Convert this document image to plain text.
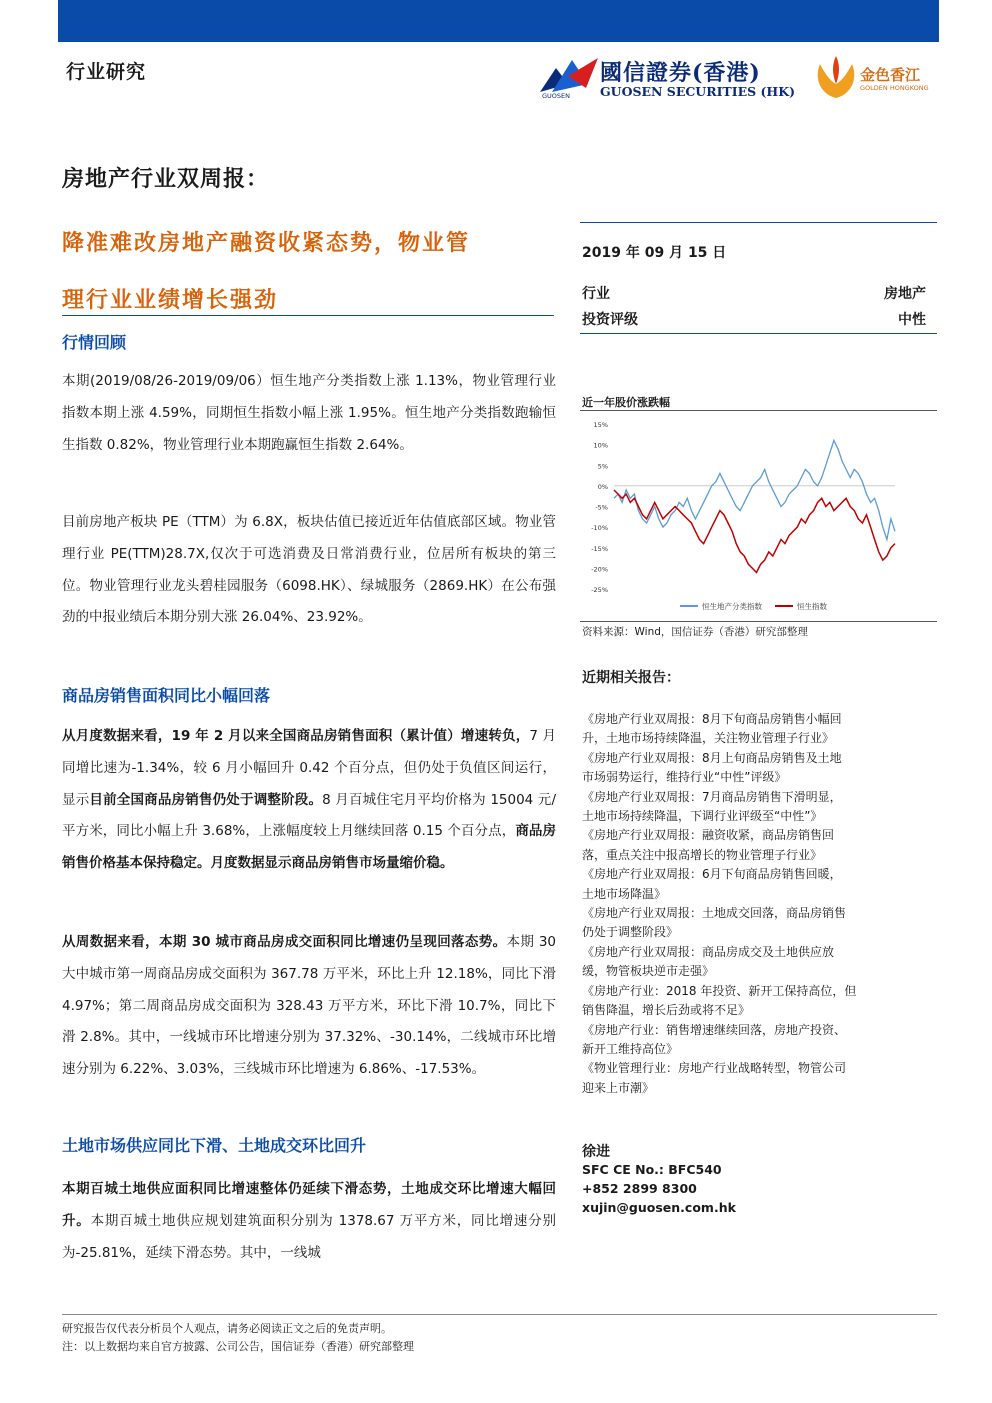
行业研究	國信證券(香港)
GUOSEN SECURITIES (HK)
GUOSEN
金色香江
GOLDEN HONGKONG
房地产行业双周报：
降准难改房地产融资收紧态势，物业管
理行业业绩增长强劲
2019 年 09 月 15 日
行业	房地产
投资评级	中性
近一年股价涨跌幅
15%
10%
5%
0%
-5%
-10%
-15%
-20%
-25%
恒生地产分类指数	恒生指数
资料来源：Wind，国信证券（香港）研究部整理
近期相关报告：
《房地产行业双周报：8月下旬商品房销售小幅回
升，土地市场持续降温，关注物业管理子行业》
《房地产行业双周报：8月上旬商品房销售及土地
市场弱势运行，维持行业“中性”评级》
《房地产行业双周报：7月商品房销售下滑明显，
土地市场持续降温，下调行业评级至“中性”》
《房地产行业双周报：融资收紧，商品房销售回
落，重点关注中报高增长的物业管理子行业》
《房地产行业双周报：6月下旬商品房销售回暖，
土地市场降温》
《房地产行业双周报：土地成交回落，商品房销售
仍处于调整阶段》
《房地产行业双周报：商品房成交及土地供应放
缓，物管板块逆市走强》
《房地产行业：2018 年投资、新开工保持高位，但
销售降温，增长后劲或将不足》
《房地产行业：销售增速继续回落，房地产投资、
新开工维持高位》
《物业管理行业：房地产行业战略转型，物管公司
迎来上市潮》
徐进
SFC CE No.: BFC540
+852 2899 8300
xujin@guosen.com.hk
行情回顾
本期(2019/08/26-2019/09/06）恒生地产分类指数上涨 1.13%，物业管理行业指数本期上涨 4.59%，同期恒生指数小幅上涨 1.95%。恒生地产分类指数跑输恒生指数 0.82%，物业管理行业本期跑赢恒生指数 2.64%。
目前房地产板块 PE（TTM）为 6.8X，板块估值已接近近年估值底部区域。物业管理行业 PE(TTM)28.7X,仅次于可选消费及日常消费行业，位居所有板块的第三位。物业管理行业龙头碧桂园服务（6098.HK）、绿城服务（2869.HK）在公布强劲的中报业绩后本期分别大涨 26.04%、23.92%。
商品房销售面积同比小幅回落
从月度数据来看，19 年 2 月以来全国商品房销售面积（累计值）增速转负，7 月同增比速为-1.34%，较 6 月小幅回升 0.42 个百分点，但仍处于负值区间运行，显示目前全国商品房销售仍处于调整阶段。8 月百城住宅月平均价格为 15004 元/平方米，同比小幅上升 3.68%，上涨幅度较上月继续回落 0.15 个百分点，商品房销售价格基本保持稳定。月度数据显示商品房销售市场量缩价稳。
从周数据来看，本期 30 城市商品房成交面积同比增速仍呈现回落态势。本期 30 大中城市第一周商品房成交面积为 367.78 万平米，环比上升 12.18%，同比下滑 4.97%；第二周商品房成交面积为 328.43 万平方米，环比下滑 10.7%，同比下滑 2.8%。其中，一线城市环比增速分别为 37.32%、-30.14%，二线城市环比增速分别为 6.22%、3.03%，三线城市环比增速为 6.86%、-17.53%。
土地市场供应同比下滑、土地成交环比回升
本期百城土地供应面积同比增速整体仍延续下滑态势，土地成交环比增速大幅回升。本期百城土地供应规划建筑面积分别为 1378.67 万平方米，同比增速分别为-25.81%，延续下滑态势。其中，一线城
研究报告仅代表分析员个人观点，请务必阅读正文之后的免责声明。
注：以上数据均来自官方披露、公司公告，国信证券（香港）研究部整理
